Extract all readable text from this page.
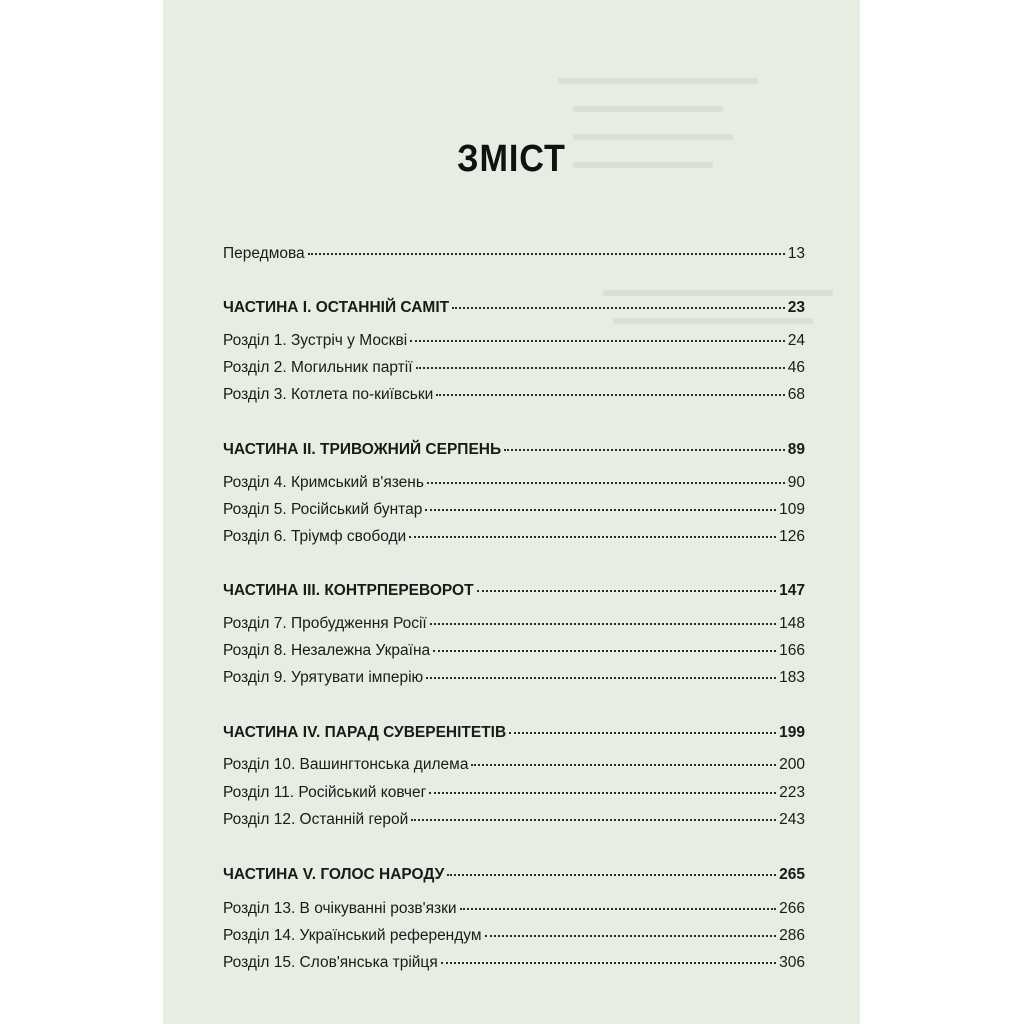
ЗМІСТ
Передмова	13
ЧАСТИНА І. ОСТАННІЙ САМІТ	23
Розділ 1. Зустріч у Москві	24
Розділ 2. Могильник партії	46
Розділ 3. Котлета по-київськи	68
ЧАСТИНА ІІ. ТРИВОЖНИЙ СЕРПЕНЬ	89
Розділ 4. Кримський в'язень	90
Розділ 5. Російський бунтар	109
Розділ 6. Тріумф свободи	126
ЧАСТИНА ІІІ. КОНТРПЕРЕВОРОТ	147
Розділ 7. Пробудження Росії	148
Розділ 8. Незалежна Україна	166
Розділ 9. Урятувати імперію	183
ЧАСТИНА IV. ПАРАД СУВЕРЕНІТЕТІВ	199
Розділ 10. Вашингтонська дилема	200
Розділ 11. Російський ковчег	223
Розділ 12. Останній герой	243
ЧАСТИНА V. ГОЛОС НАРОДУ	265
Розділ 13. В очікуванні розв'язки	266
Розділ 14. Український референдум	286
Розділ 15. Слов'янська трійця	306
